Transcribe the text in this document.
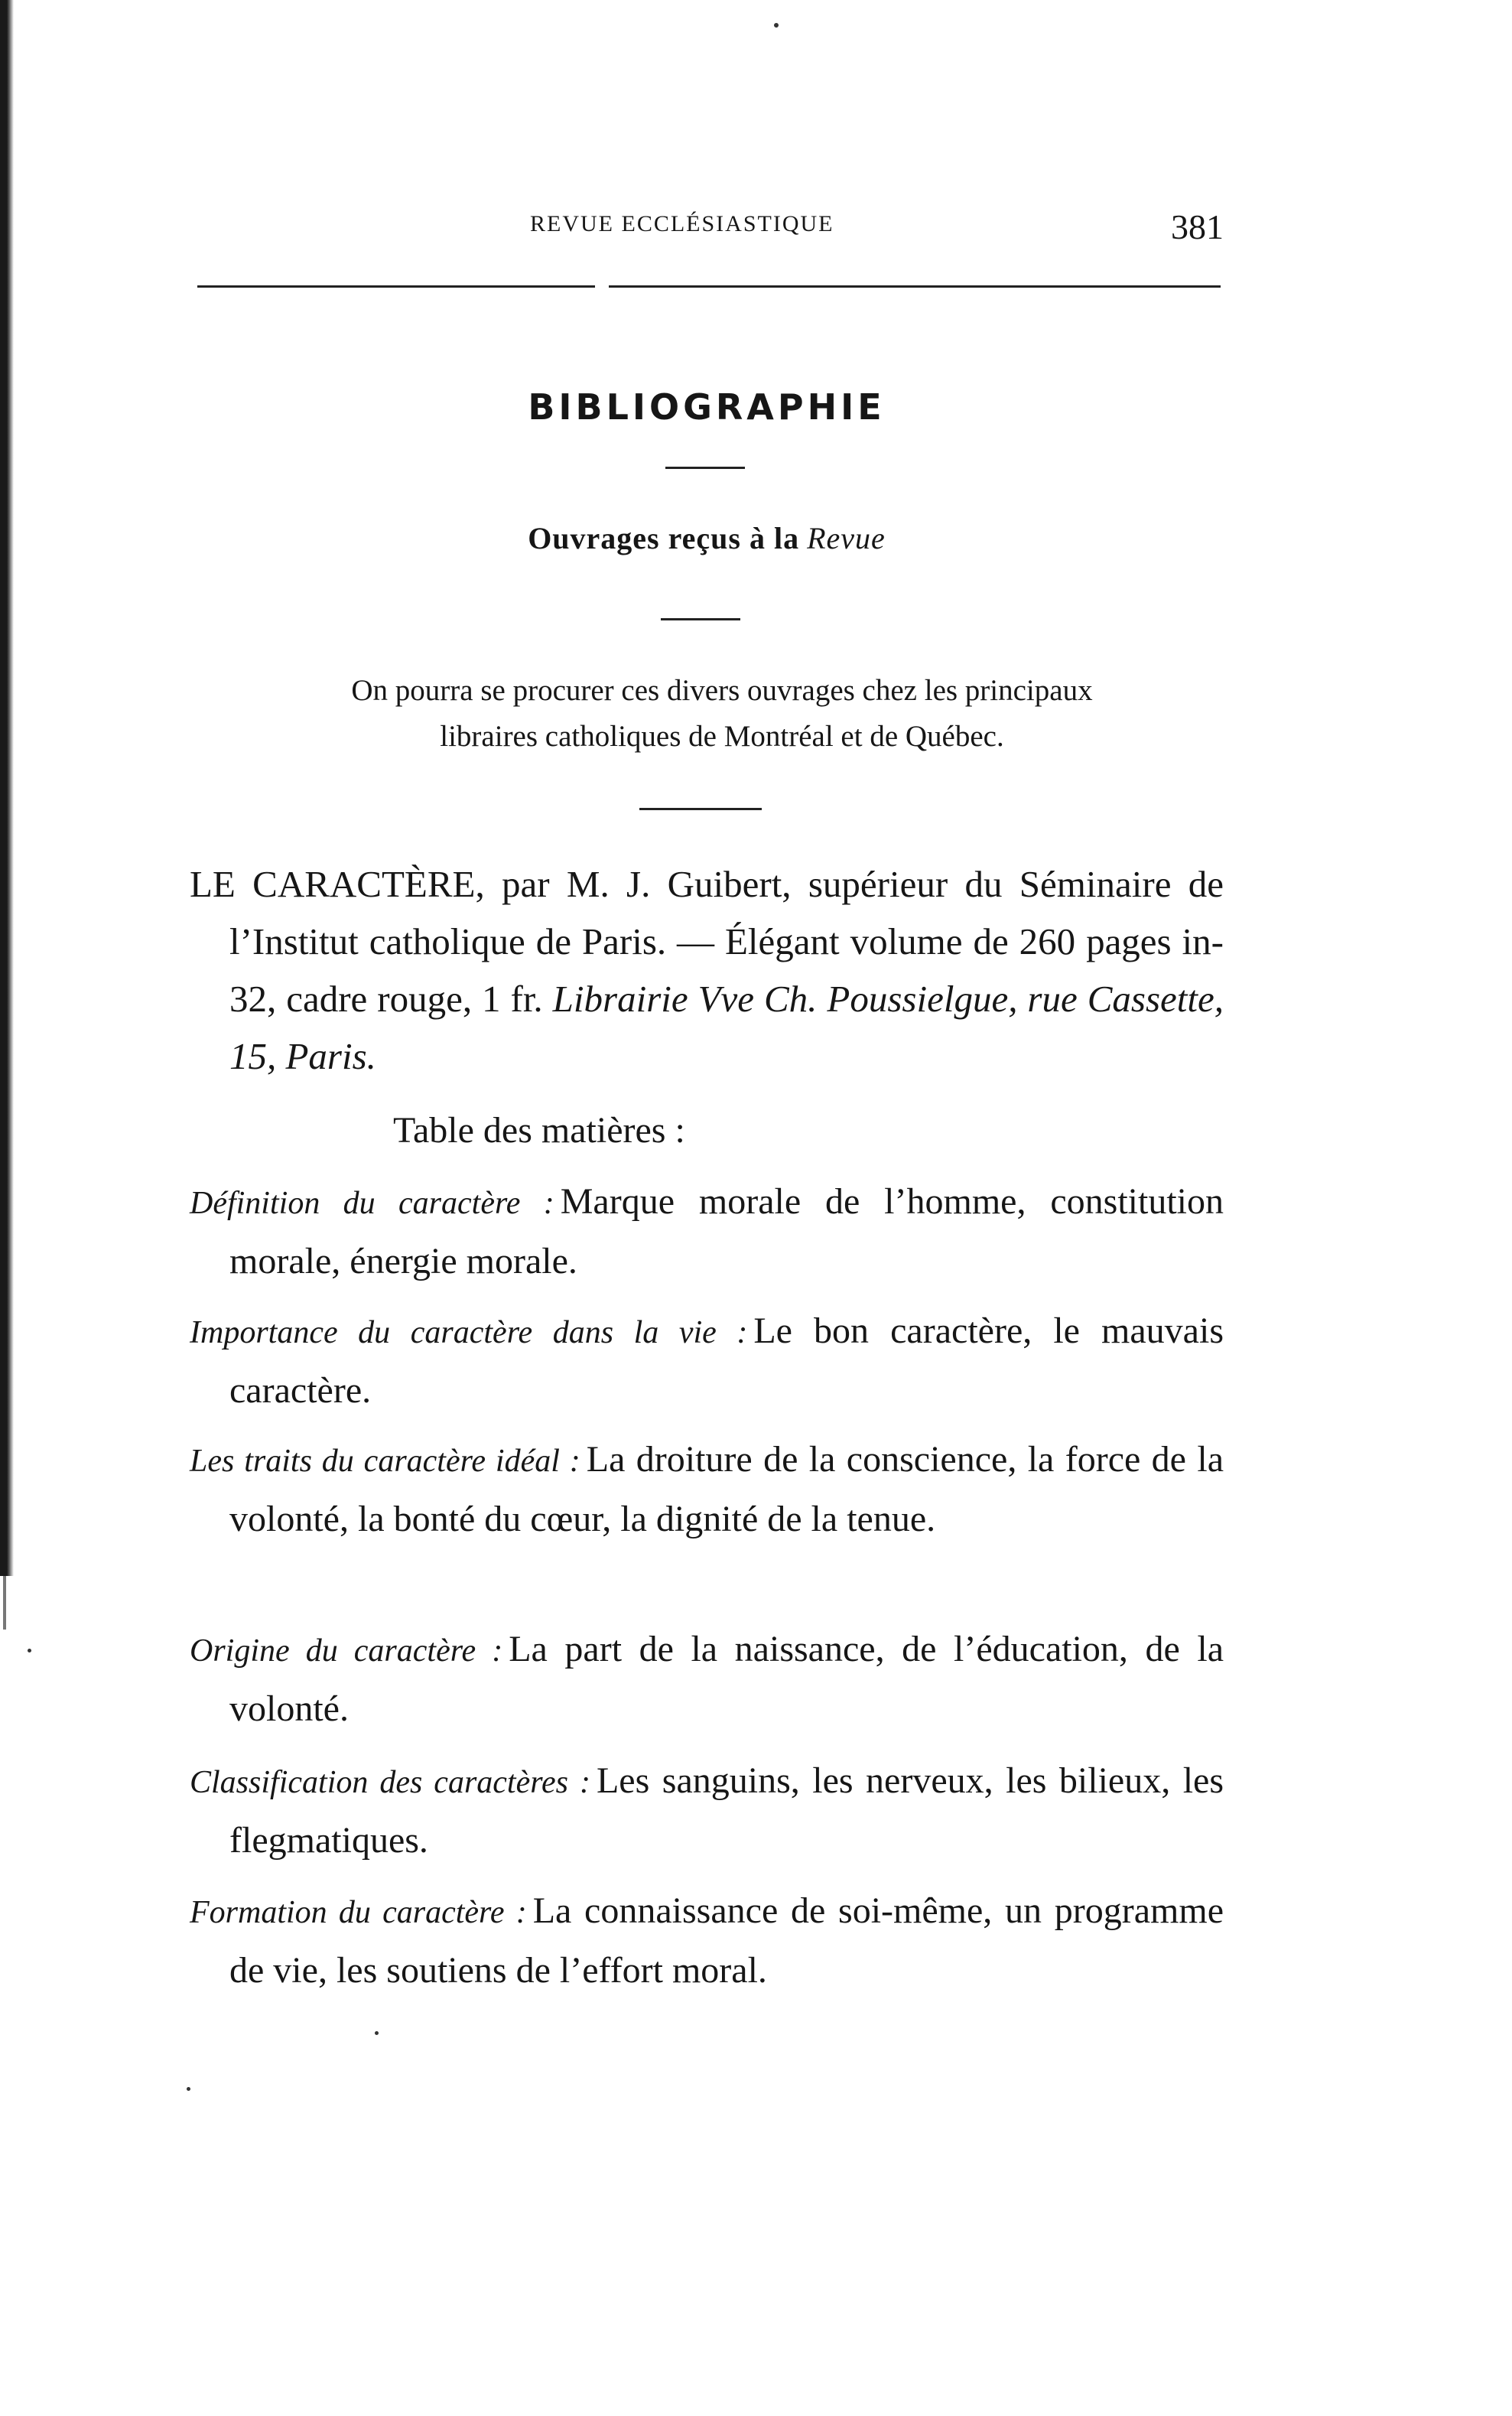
REVUE ECCLÉSIASTIQUE	381
BIBLIOGRAPHIE
Ouvrages reçus à la Revue
On pourra se procurer ces divers ouvrages chez les principaux
libraires catholiques de Montréal et de Québec.

LE CARACTÈRE, par M. J. Guibert, supérieur du Séminaire de l’Institut catholique de Paris. — Élégant volume de 260 pages in-32, cadre rouge, 1 fr. Librairie Vve Ch. Poussielgue, rue Cassette, 15, Paris.

Table des matières :

Définition du caractère : Marque morale de l’homme, constitution morale, énergie morale.

Importance du caractère dans la vie : Le bon caractère, le mauvais caractère.

Les traits du caractère idéal : La droiture de la conscience, la force de la volonté, la bonté du cœur, la dignité de la tenue.

Origine du caractère : La part de la naissance, de l’éducation, de la volonté.

Classification des caractères : Les sanguins, les nerveux, les bilieux, les flegmatiques.

Formation du caractère : La connaissance de soi-même, un programme de vie, les soutiens de l’effort moral.
